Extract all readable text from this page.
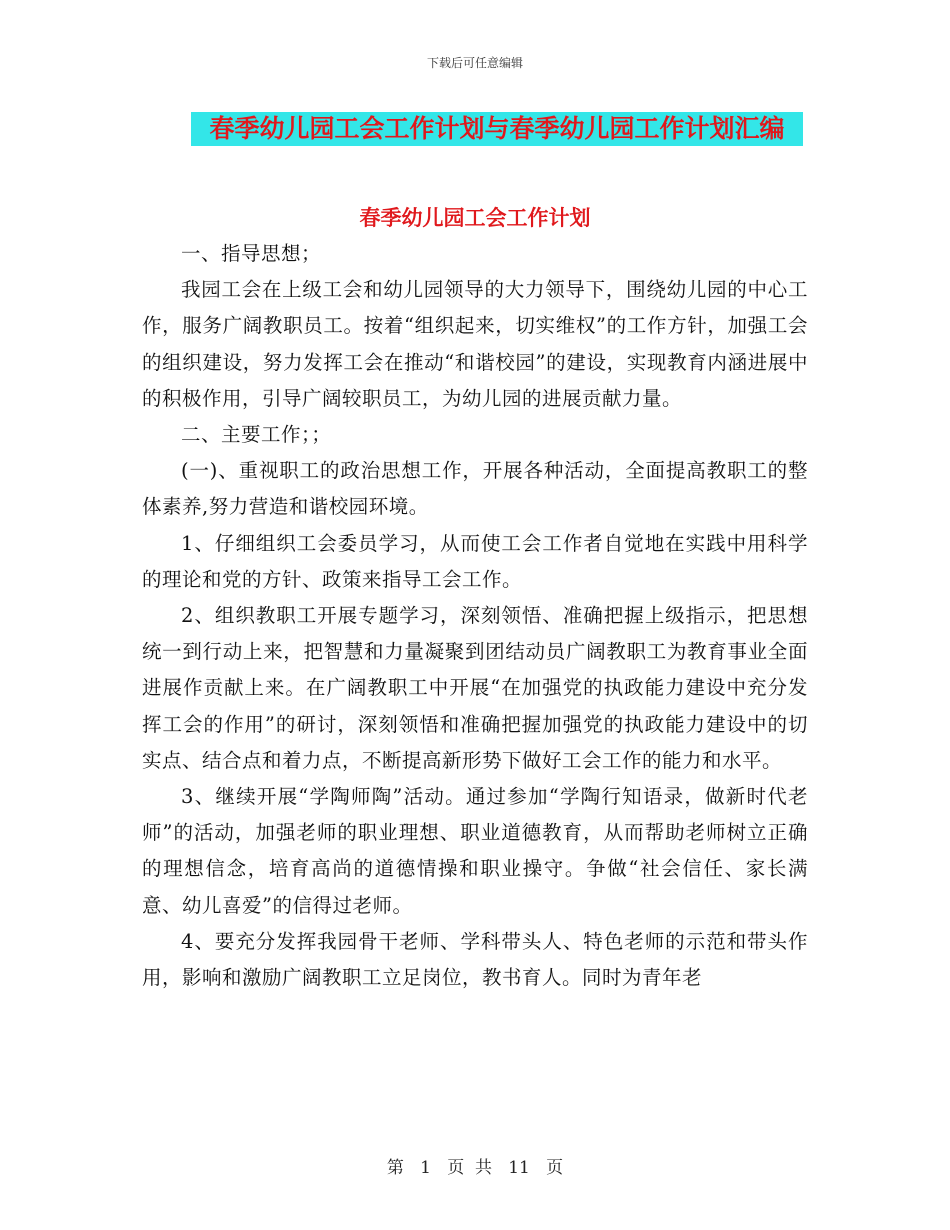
下载后可任意编辑
春季幼儿园工会工作计划与春季幼儿园工作计划汇编
春季幼儿园工会工作计划

一、指导思想；

我园工会在上级工会和幼儿园领导的大力领导下，围绕幼儿园的中心工作，服务广阔教职员工。按着“组织起来，切实维权”的工作方针，加强工会的组织建设，努力发挥工会在推动“和谐校园”的建设，实现教育内涵进展中的积极作用，引导广阔较职员工，为幼儿园的进展贡献力量。

二、主要工作；；

(一)、重视职工的政治思想工作，开展各种活动，全面提高教职工的整体素养,努力营造和谐校园环境。

1、仔细组织工会委员学习，从而使工会工作者自觉地在实践中用科学的理论和党的方针、政策来指导工会工作。

2、组织教职工开展专题学习，深刻领悟、准确把握上级指示，把思想统一到行动上来，把智慧和力量凝聚到团结动员广阔教职工为教育事业全面进展作贡献上来。在广阔教职工中开展“在加强党的执政能力建设中充分发挥工会的作用”的研讨，深刻领悟和准确把握加强党的执政能力建设中的切实点、结合点和着力点，不断提高新形势下做好工会工作的能力和水平。

3、继续开展“学陶师陶”活动。通过参加“学陶行知语录，做新时代老师”的活动，加强老师的职业理想、职业道德教育，从而帮助老师树立正确的理想信念，培育高尚的道德情操和职业操守。争做“社会信任、家长满意、幼儿喜爱”的信得过老师。

4、要充分发挥我园骨干老师、学科带头人、特色老师的示范和带头作用，影响和激励广阔教职工立足岗位，教书育人。同时为青年老

第 1 页  共 11 页
